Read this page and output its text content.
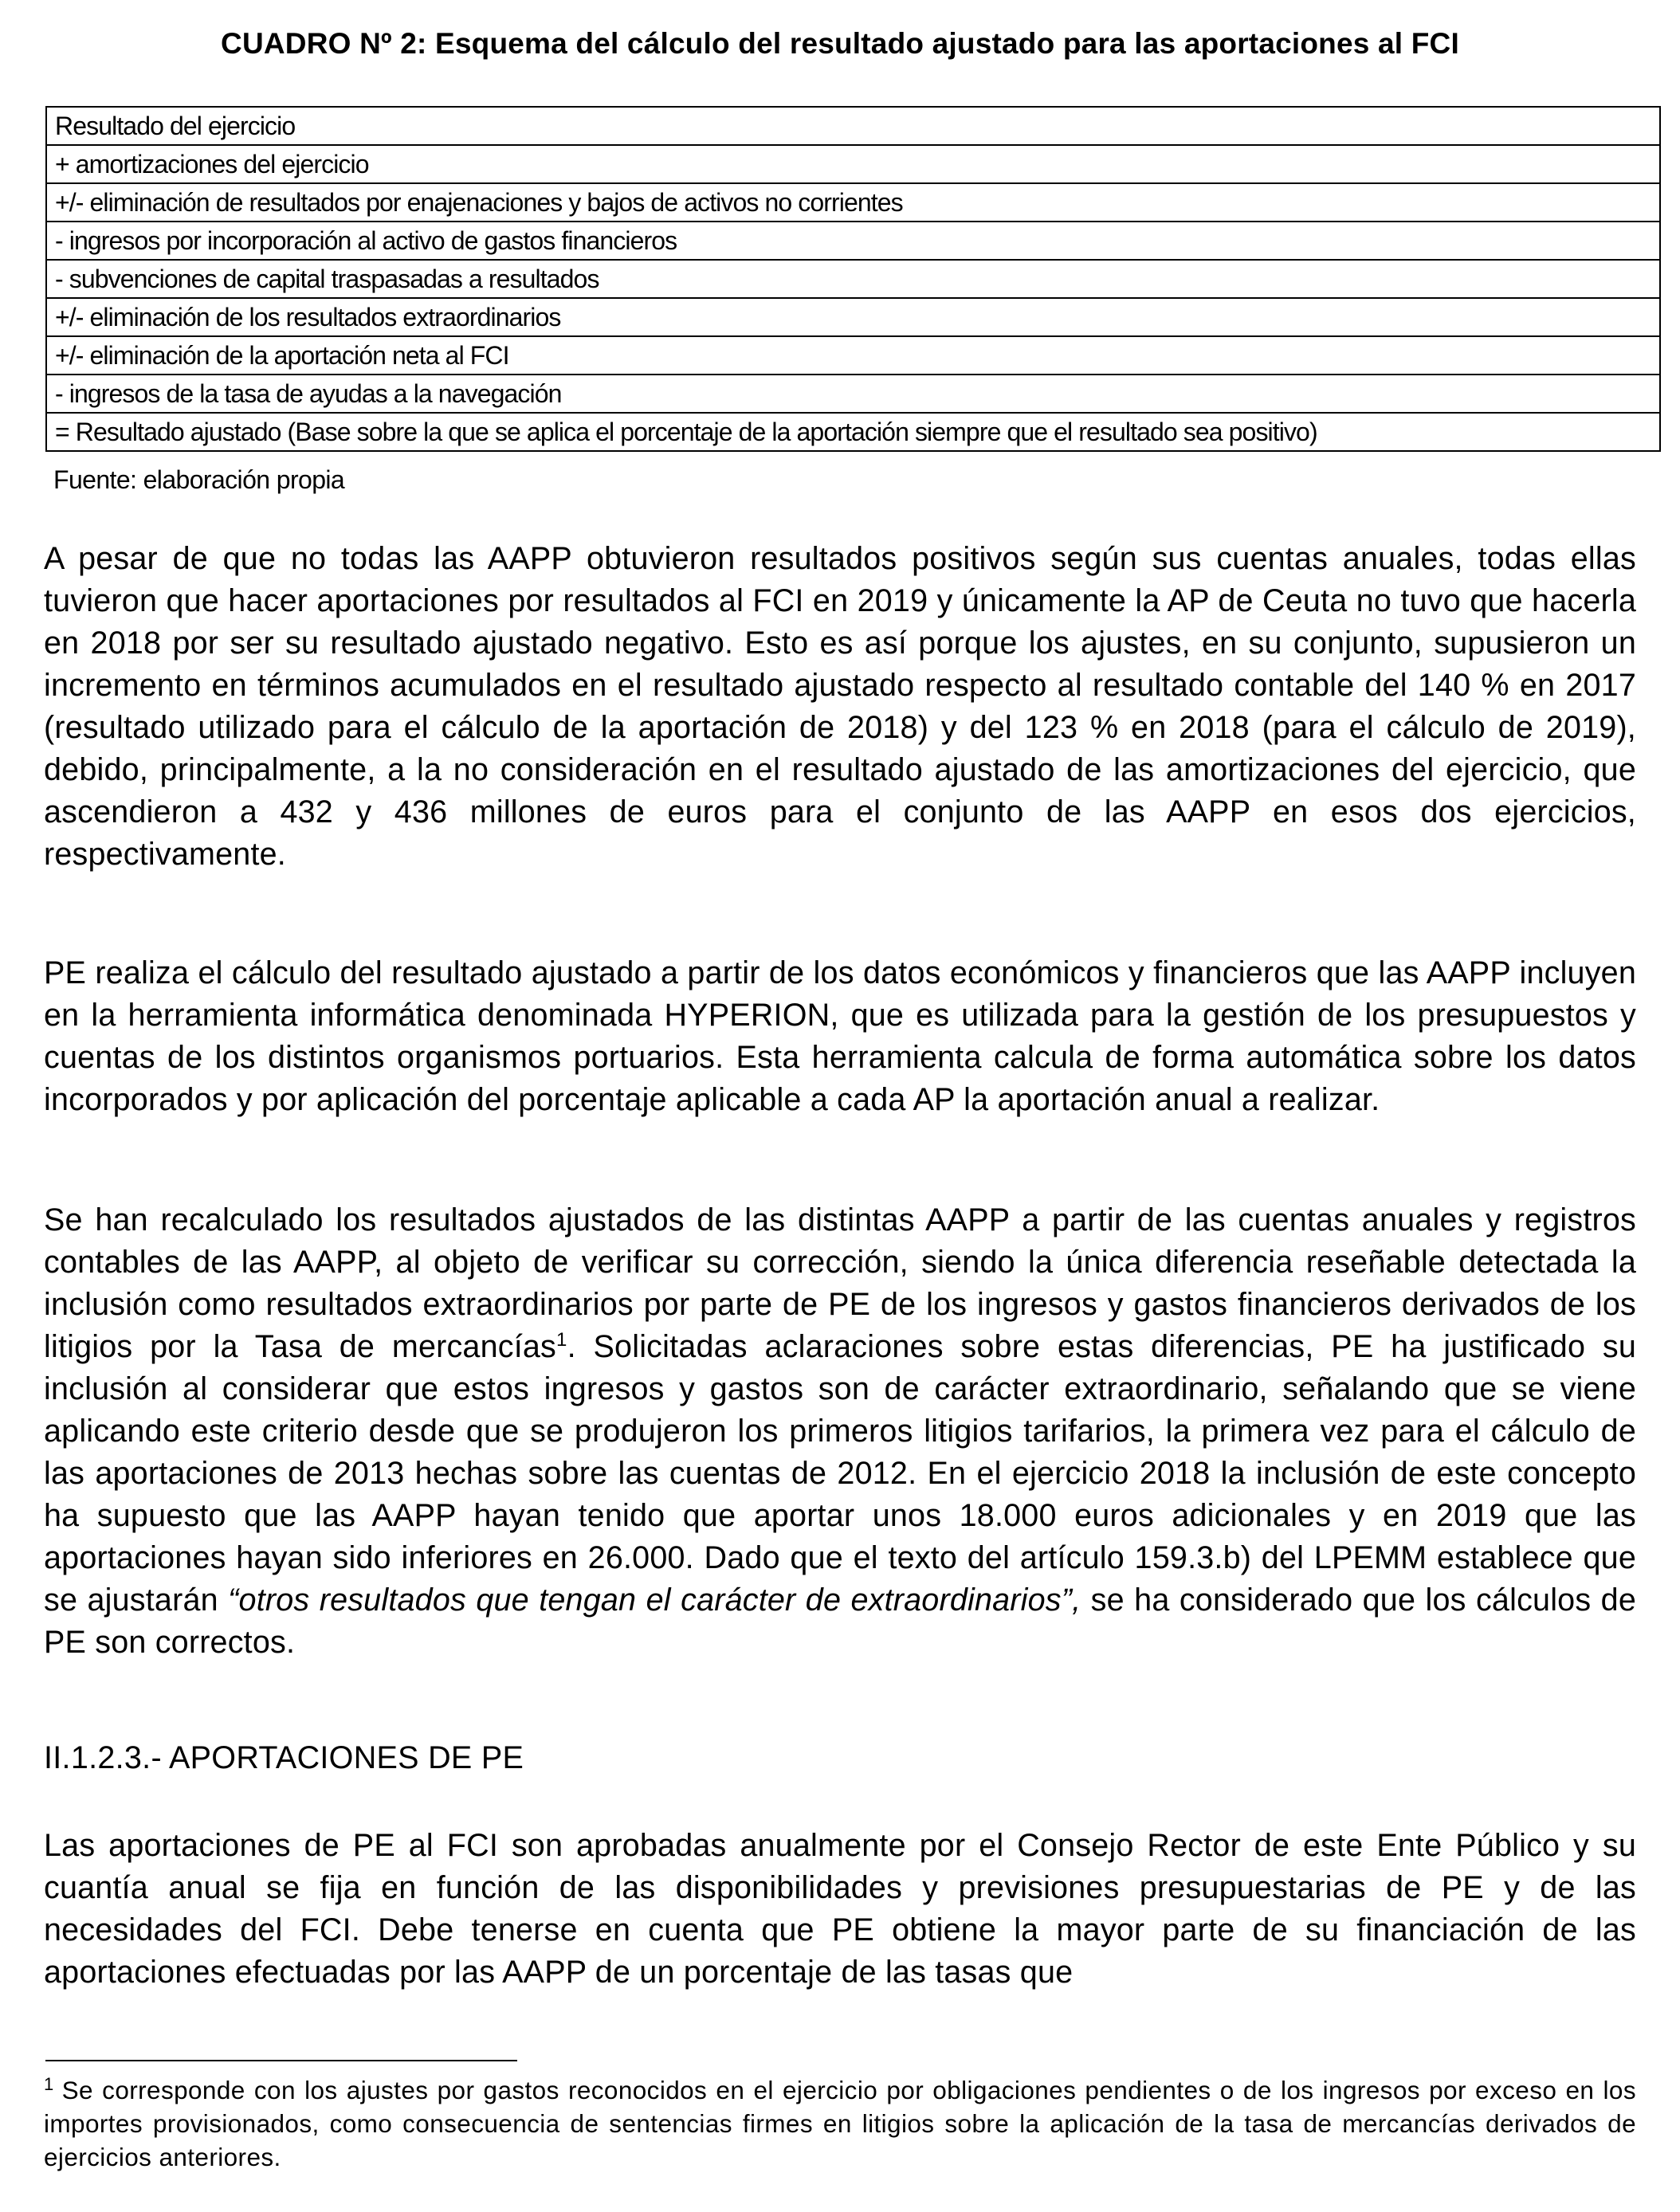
CUADRO Nº 2: Esquema del cálculo del resultado ajustado para las aportaciones al FCI
Resultado del ejercicio
+ amortizaciones del ejercicio
+/- eliminación de resultados por enajenaciones y bajos de activos no corrientes
- ingresos por incorporación al activo de gastos financieros
- subvenciones de capital traspasadas a resultados
+/- eliminación de los resultados extraordinarios
+/- eliminación de la aportación neta al FCI
- ingresos de la tasa de ayudas a la navegación
= Resultado ajustado (Base sobre la que se aplica el porcentaje de la aportación siempre que el resultado sea positivo)
Fuente: elaboración propia

A pesar de que no todas las AAPP obtuvieron resultados positivos según sus cuentas anuales, todas ellas tuvieron que hacer aportaciones por resultados al FCI en 2019 y únicamente la AP de Ceuta no tuvo que hacerla en 2018 por ser su resultado ajustado negativo. Esto es así porque los ajustes, en su conjunto, supusieron un incremento en términos acumulados en el resultado ajustado respecto al resultado contable del 140 % en 2017 (resultado utilizado para el cálculo de la aportación de 2018) y del 123 % en 2018 (para el cálculo de 2019), debido, principalmente, a la no consideración en el resultado ajustado de las amortizaciones del ejercicio, que ascendieron a 432 y 436 millones de euros para el conjunto de las AAPP en esos dos ejercicios, respectivamente.

PE realiza el cálculo del resultado ajustado a partir de los datos económicos y financieros que las AAPP incluyen en la herramienta informática denominada HYPERION, que es utilizada para la gestión de los presupuestos y cuentas de los distintos organismos portuarios. Esta herramienta calcula de forma automática sobre los datos incorporados y por aplicación del porcentaje aplicable a cada AP la aportación anual a realizar.

Se han recalculado los resultados ajustados de las distintas AAPP a partir de las cuentas anuales y registros contables de las AAPP, al objeto de verificar su corrección, siendo la única diferencia reseñable detectada la inclusión como resultados extraordinarios por parte de PE de los ingresos y gastos financieros derivados de los litigios por la Tasa de mercancías$^1$. Solicitadas aclaraciones sobre estas diferencias, PE ha justificado su inclusión al considerar que estos ingresos y gastos son de carácter extraordinario, señalando que se viene aplicando este criterio desde que se produjeron los primeros litigios tarifarios, la primera vez para el cálculo de las aportaciones de 2013 hechas sobre las cuentas de 2012. En el ejercicio 2018 la inclusión de este concepto ha supuesto que las AAPP hayan tenido que aportar unos 18.000 euros adicionales y en 2019 que las aportaciones hayan sido inferiores en 26.000. Dado que el texto del artículo 159.3.b) del LPEMM establece que se ajustarán “otros resultados que tengan el carácter de extraordinarios”, se ha considerado que los cálculos de PE son correctos.

II.1.2.3.- APORTACIONES DE PE

Las aportaciones de PE al FCI son aprobadas anualmente por el Consejo Rector de este Ente Público y su cuantía anual se fija en función de las disponibilidades y previsiones presupuestarias de PE y de las necesidades del FCI. Debe tenerse en cuenta que PE obtiene la mayor parte de su financiación de las aportaciones efectuadas por las AAPP de un porcentaje de las tasas que

$^1$ Se corresponde con los ajustes por gastos reconocidos en el ejercicio por obligaciones pendientes o de los ingresos por exceso en los importes provisionados, como consecuencia de sentencias firmes en litigios sobre la aplicación de la tasa de mercancías derivados de ejercicios anteriores.
